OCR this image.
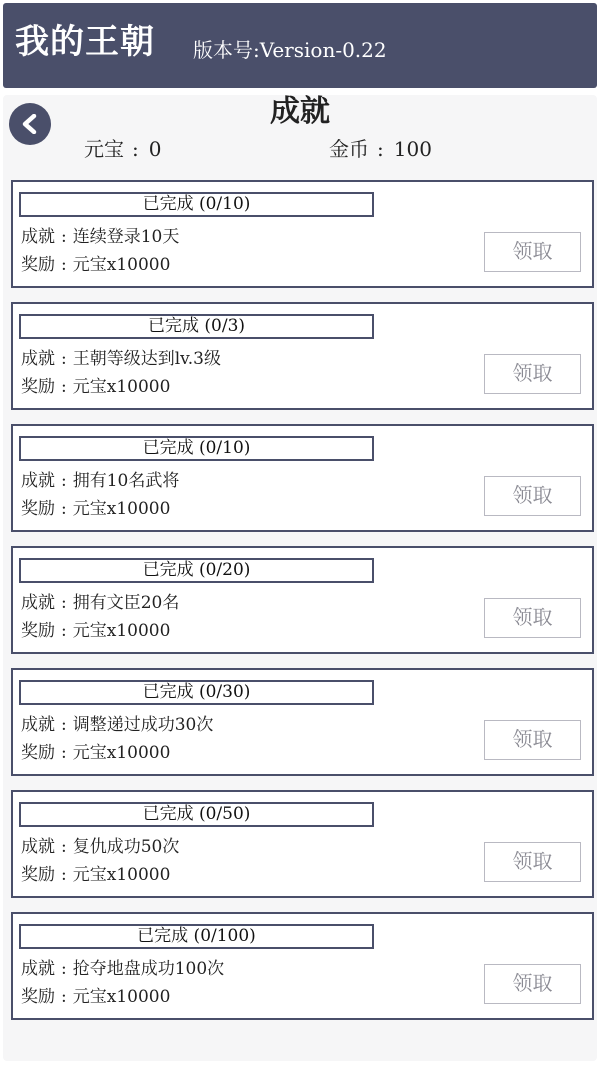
我的王朝 版本号:Version-0.22
成就
元宝 : 0	金币 : 100
已完成 (0/10)
成就 : 连续登录10天
奖励 : 元宝x10000
领取
已完成 (0/3)
成就 : 王朝等级达到lv.3级
奖励 : 元宝x10000
领取
已完成 (0/10)
成就 : 拥有10名武将
奖励 : 元宝x10000
领取
已完成 (0/20)
成就 : 拥有文臣20名
奖励 : 元宝x10000
领取
已完成 (0/30)
成就 : 调整递过成功30次
奖励 : 元宝x10000
领取
已完成 (0/50)
成就 : 复仇成功50次
奖励 : 元宝x10000
领取
已完成 (0/100)
成就 : 抢夺地盘成功100次
奖励 : 元宝x10000
领取
